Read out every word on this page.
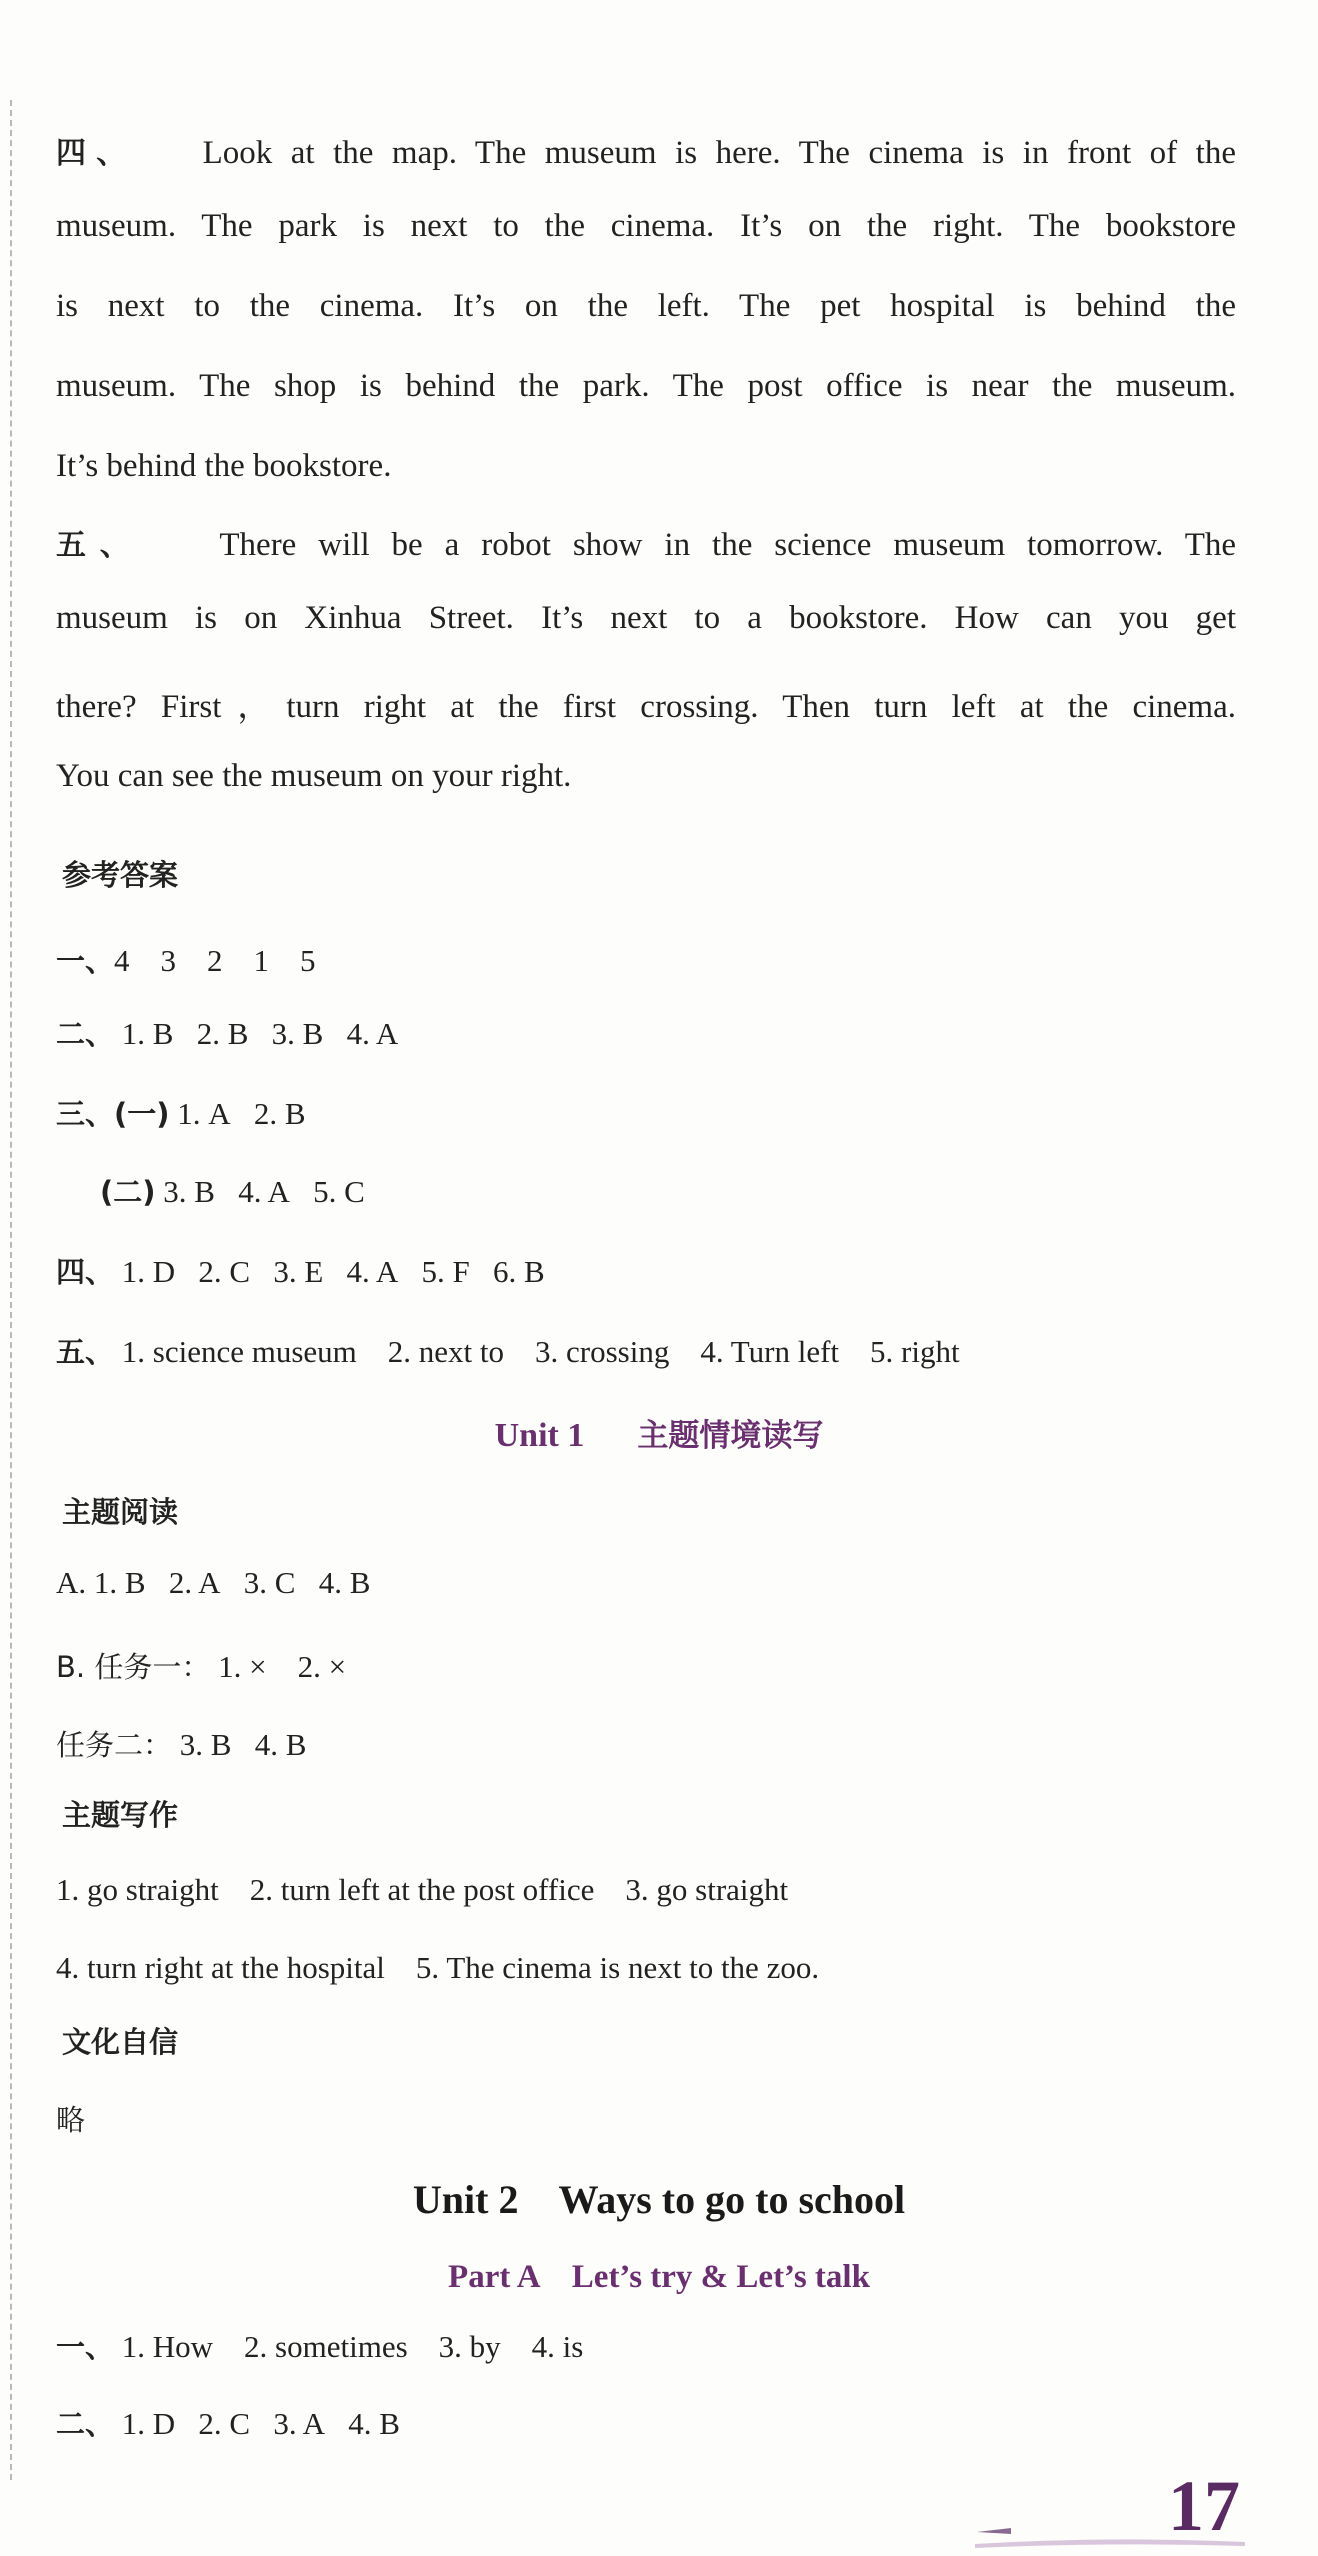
四、 Look at the map. The museum is here. The cinema is in front of the
museum. The park is next to the cinema. It’s on the right. The bookstore
is next to the cinema. It’s on the left. The pet hospital is behind the
museum. The shop is behind the park. The post office is near the museum.
It’s behind the bookstore.
五、 There will be a robot show in the science museum tomorrow. The
museum is on Xinhua Street. It’s next to a bookstore. How can you get
there? First，turn right at the first crossing. Then turn left at the cinema.
You can see the museum on your right.
参考答案
一、4　3　2　1　5
二、 1. B 2. B 3. B 4. A
三、(一) 1. A 2. B
(二) 3. B 4. A 5. C
四、 1. D 2. C 3. E 4. A 5. F 6. B
五、 1. science museum 2. next to 3. crossing 4. Turn left 5. right
Unit 1 主题情境读写
主题阅读
A. 1. B 2. A 3. C 4. B
B. 任务一： 1. × 2. ×
任务二： 3. B 4. B
主题写作
1. go straight 2. turn left at the post office 3. go straight
4. turn right at the hospital 5. The cinema is next to the zoo.
文化自信
略
Unit 2　Ways to go to school
Part A　Let’s try & Let’s talk
一、 1. How 2. sometimes 3. by 4. is
二、 1. D 2. C 3. A 4. B
17
